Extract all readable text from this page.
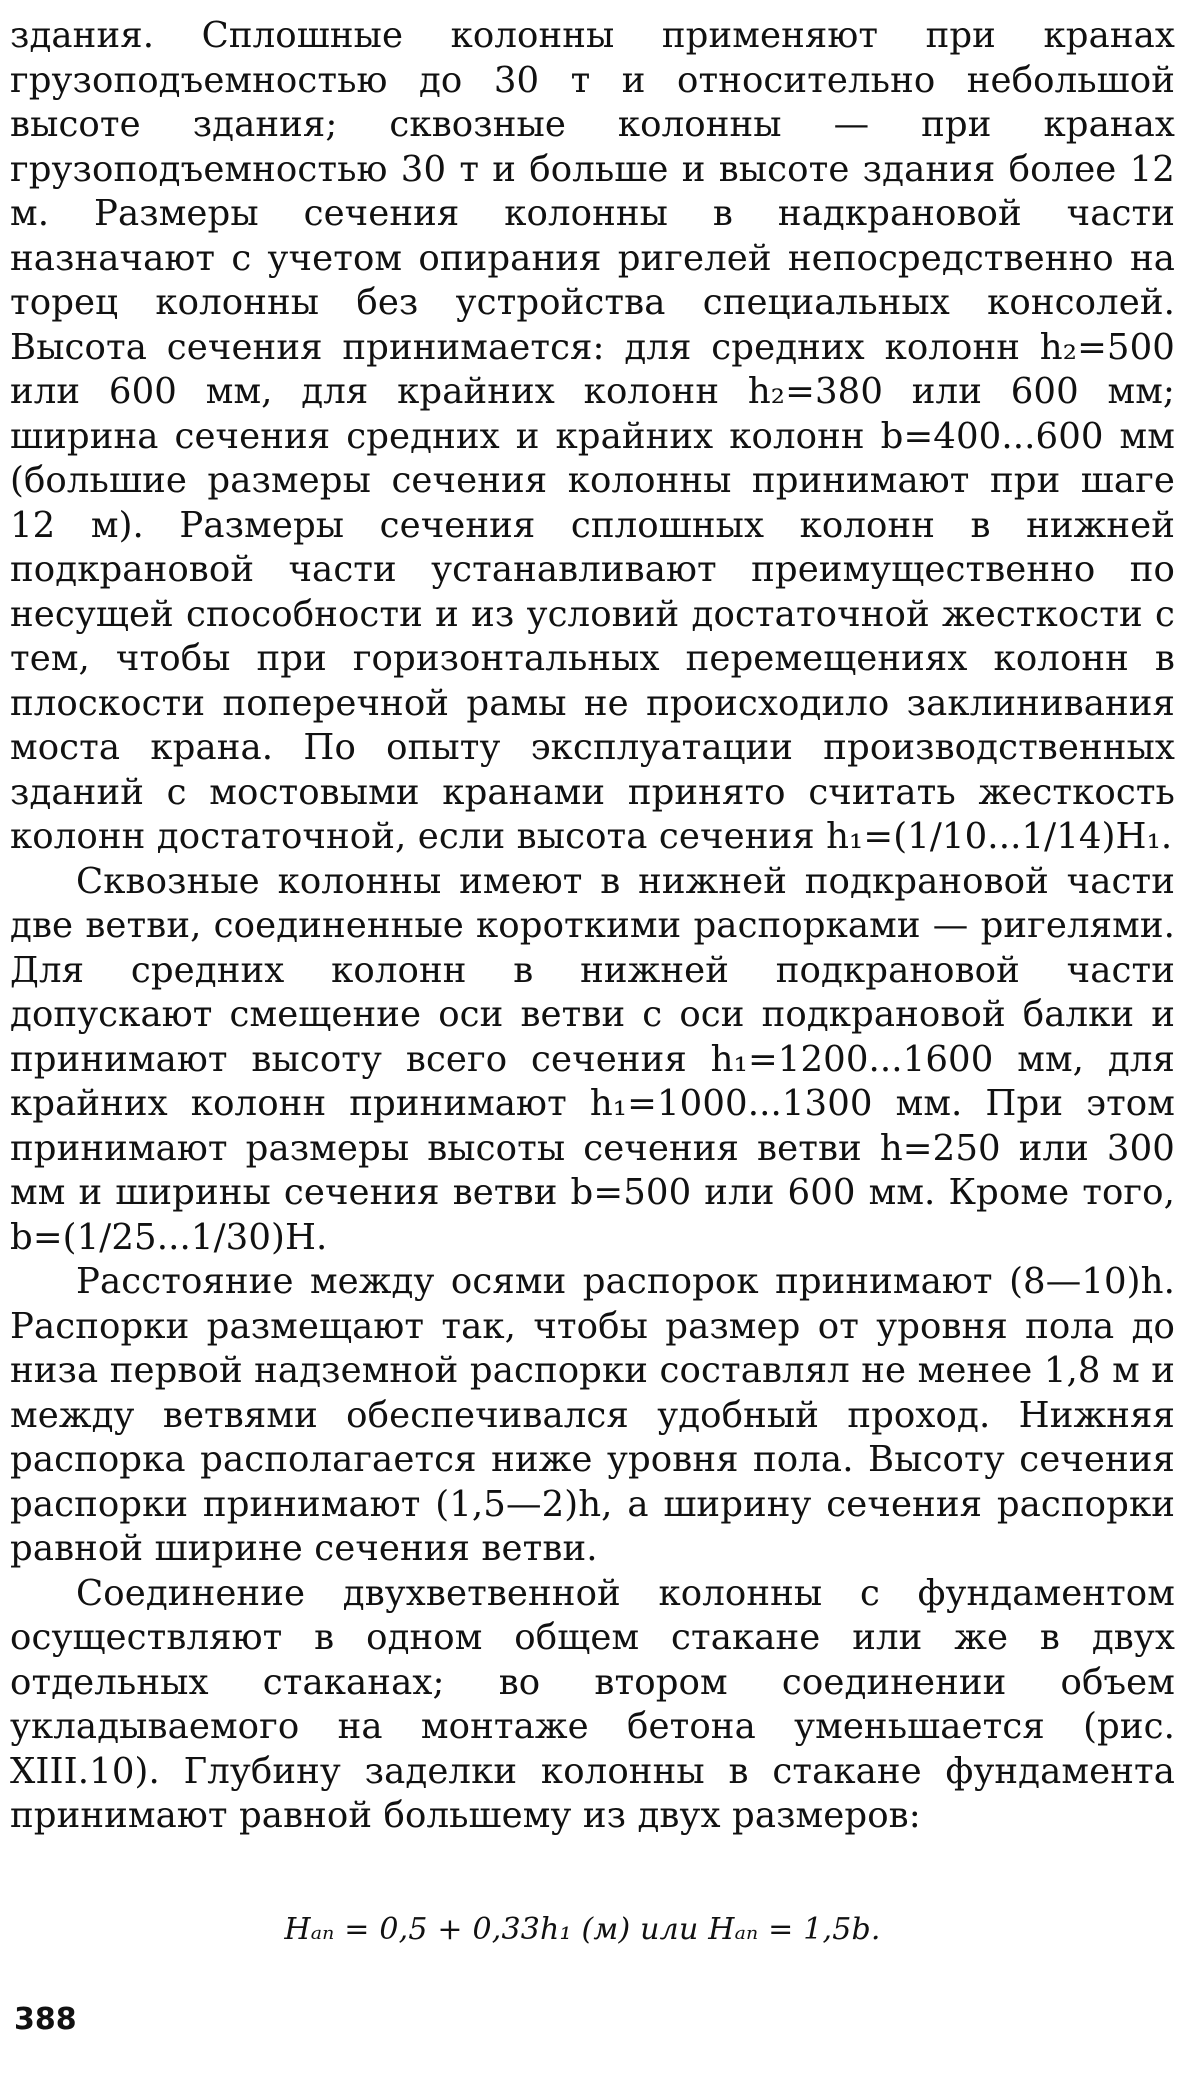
здания. Сплошные колонны применяют при кранах грузоподъемностью до 30 т и относительно небольшой высоте здания; сквозные колонны — при кранах грузоподъемностью 30 т и больше и высоте здания более 12 м. Размеры сечения колонны в надкрановой части назначают с учетом опирания ригелей непосредственно на торец колонны без устройства специальных консолей. Высота сечения принимается: для средних колонн h₂=500 или 600 мм, для крайних колонн h₂=380 или 600 мм; ширина сечения средних и крайних колонн b=400...600 мм (большие размеры сечения колонны принимают при шаге 12 м). Размеры сечения сплошных колонн в нижней подкрановой части устанавливают преимущественно по несущей способности и из условий достаточной жесткости с тем, чтобы при горизонтальных перемещениях колонн в плоскости поперечной рамы не происходило заклинивания моста крана. По опыту эксплуатации производственных зданий с мостовыми кранами принято считать жесткость колонн достаточной, если высота сечения h₁=(1/10...1/14)H₁.

Сквозные колонны имеют в нижней подкрановой части две ветви, соединенные короткими распорками — ригелями. Для средних колонн в нижней подкрановой части допускают смещение оси ветви с оси подкрановой балки и принимают высоту всего сечения h₁=1200...1600 мм, для крайних колонн принимают h₁=1000...1300 мм. При этом принимают размеры высоты сечения ветви h=250 или 300 мм и ширины сечения ветви b=500 или 600 мм. Кроме того, b=(1/25...1/30)H.

Расстояние между осями распорок принимают (8—10)h. Распорки размещают так, чтобы размер от уровня пола до низа первой надземной распорки составлял не менее 1,8 м и между ветвями обеспечивался удобный проход. Нижняя распорка располагается ниже уровня пола. Высоту сечения распорки принимают (1,5—2)h, а ширину сечения распорки равной ширине сечения ветви.

Соединение двухветвенной колонны с фундаментом осуществляют в одном общем стакане или же в двух отдельных стаканах; во втором соединении объем укладываемого на монтаже бетона уменьшается (рис. XIII.10). Глубину заделки колонны в стакане фундамента принимают равной большему из двух размеров:

Hₐₙ = 0,5 + 0,33h₁ (м) или Hₐₙ = 1,5b.
388
